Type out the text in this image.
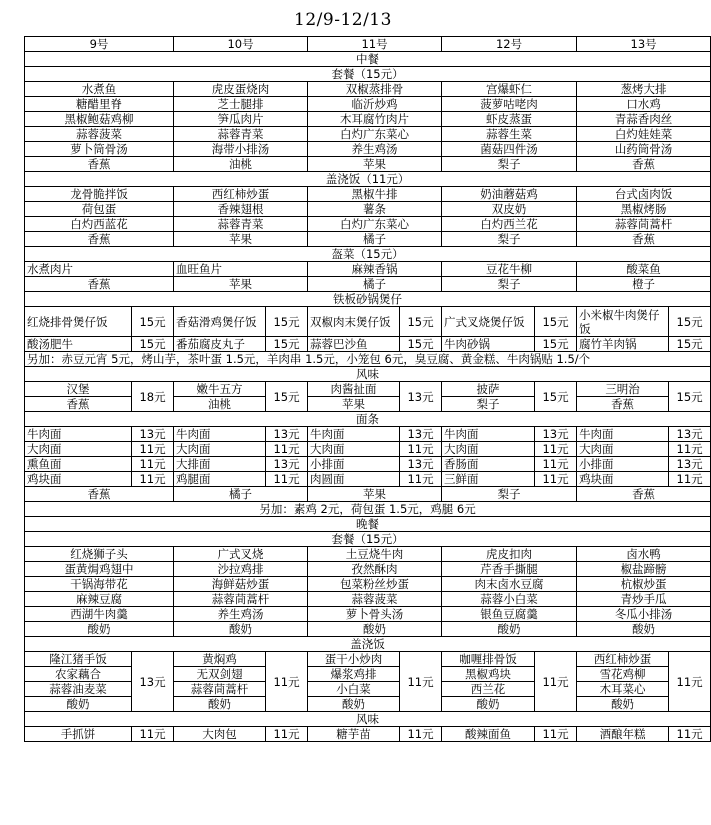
12/9-12/13
9号		10号		11号		12号		13号	
中餐									
套餐（15元）									
水煮鱼		虎皮蛋烧肉		双椒蒸排骨		宫爆虾仁		葱烤大排	
糖醋里脊		芝士腿排		临沂炒鸡		菠萝咕咾肉		口水鸡	
黑椒鲍菇鸡柳		笋瓜肉片		木耳腐竹肉片		虾皮蒸蛋		青蒜香肉丝	
蒜蓉菠菜		蒜蓉青菜		白灼广东菜心		蒜蓉生菜		白灼娃娃菜	
萝卜筒骨汤		海带小排汤		养生鸡汤		菌菇四件汤		山药筒骨汤	
香蕉		油桃		苹果		梨子		香蕉	
盖浇饭（11元）									
龙骨脆拌饭		西红柿炒蛋		黑椒牛排		奶油蘑菇鸡		台式卤肉饭	
荷包蛋		香辣翅根		薯条		双皮奶		黑椒烤肠	
白灼西蓝花		蒜蓉青菜		白灼广东菜心		白灼西兰花		蒜蓉茼蒿杆	
香蕉		苹果		橘子		梨子		香蕉	
盔菜（15元）									
水煮肉片		血旺鱼片		麻辣香锅		豆花牛柳		酸菜鱼	
香蕉		苹果		橘子		梨子		橙子	
铁板砂锅煲仔									
红烧排骨煲仔饭	15元	香菇滑鸡煲仔饭	15元	双椒肉末煲仔饭	15元	广式叉烧煲仔饭	15元	小米椒牛肉煲仔饭	15元
酸汤肥牛	15元	番茄腐皮丸子	15元	蒜蓉巴沙鱼	15元	牛肉砂锅	15元	腐竹羊肉锅	15元
另加：赤豆元宵 5元，烤山芋，茶叶蛋 1.5元，羊肉串 1.5元，小笼包 6元，臭豆腐、黄金糕、牛肉锅贴 1.5/个									
风味									
汉堡	18元	嫩牛五方	15元	肉酱扯面	13元	披萨	15元	三明治	15元
香蕉		油桃		苹果		梨子		香蕉	
面条									
牛肉面	13元	牛肉面	13元	牛肉面	13元	牛肉面	13元	牛肉面	13元
大肉面	11元	大肉面	11元	大肉面	11元	大肉面	11元	大肉面	11元
熏鱼面	11元	大排面	13元	小排面	13元	香肠面	11元	小排面	13元
鸡块面	11元	鸡腿面	11元	肉圆面	11元	三鲜面	11元	鸡块面	11元
香蕉		橘子		苹果		梨子		香蕉	
另加：素鸡 2元，荷包蛋 1.5元，鸡腿 6元									
晚餐									
套餐（15元）									
红烧狮子头		广式叉烧		土豆烧牛肉		虎皮扣肉		卤水鸭	
蛋黄焗鸡翅中		沙拉鸡排		孜然酥肉		芹香手撕腿		椒盐蹄髈	
干锅海带花		海鲜菇炒蛋		包菜粉丝炒蛋		肉末卤水豆腐		杭椒炒蛋	
麻辣豆腐		蒜蓉茼蒿杆		蒜蓉菠菜		蒜蓉小白菜		青炒手瓜	
西湖牛肉羹		养生鸡汤		萝卜骨头汤		银鱼豆腐羹		冬瓜小排汤	
酸奶		酸奶		酸奶		酸奶		酸奶	
盖浇饭									
隆江猪手饭	13元	黄焖鸡	11元	蛋干小炒肉	11元	咖喱排骨饭	11元	西红柿炒蛋	11元
农家藕合		无双剑翅		爆浆鸡排		黑椒鸡块		雪花鸡柳	
蒜蓉油麦菜		蒜蓉茼蒿杆		小白菜		西兰花		木耳菜心	
酸奶		酸奶		酸奶		酸奶		酸奶	
风味									
手抓饼	11元	大肉包	11元	糖芋苗	11元	酸辣面鱼	11元	酒酿年糕	11元
